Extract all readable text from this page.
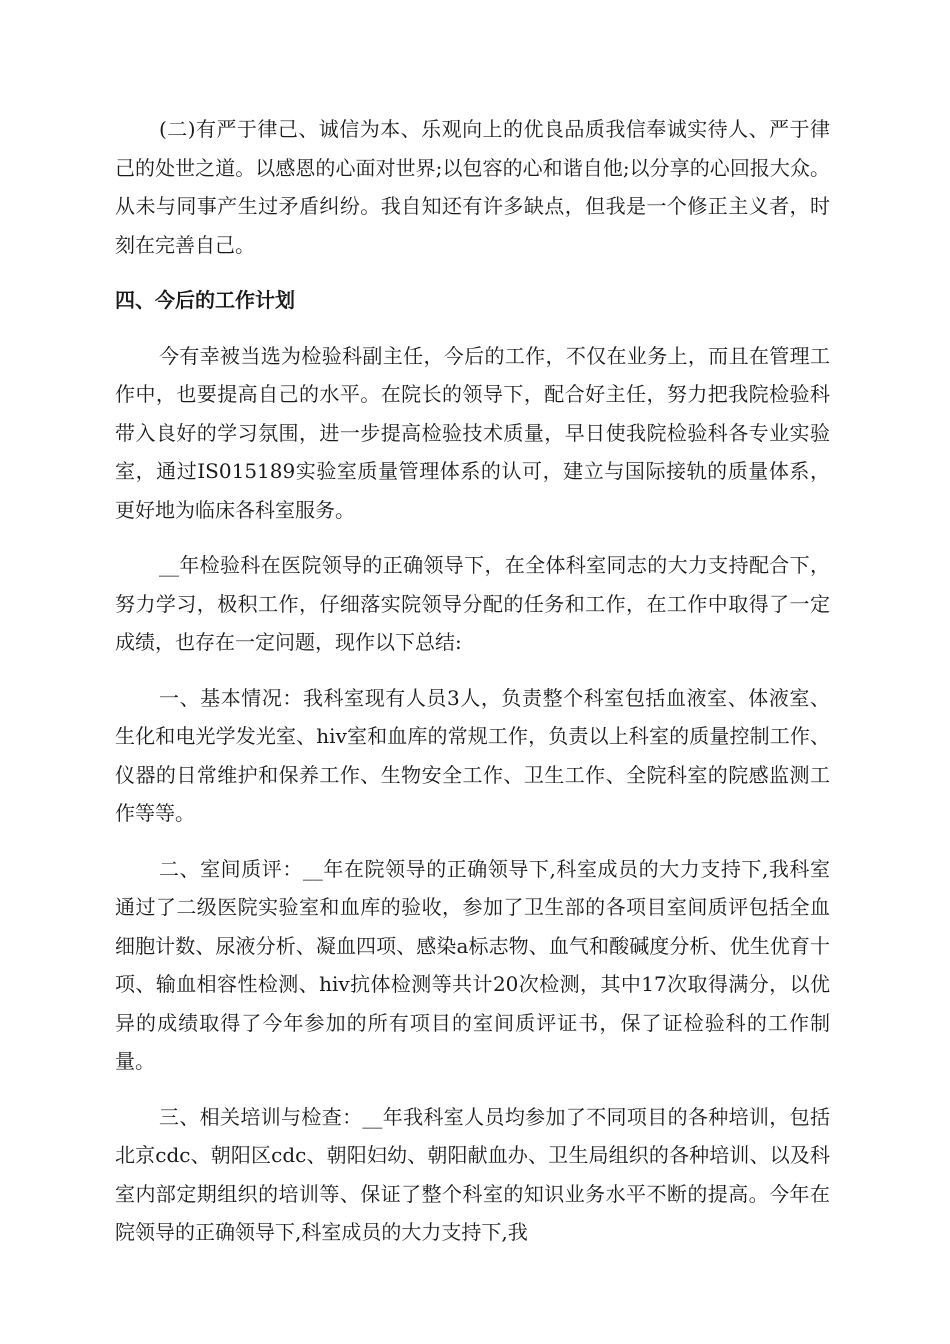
(二)有严于律己、诚信为本、乐观向上的优良品质我信奉诚实待人、严于律己的处世之道。以感恩的心面对世界;以包容的心和谐自他;以分享的心回报大众。从未与同事产生过矛盾纠纷。我自知还有许多缺点，但我是一个修正主义者，时刻在完善自己。

四、今后的工作计划

今有幸被当选为检验科副主任，今后的工作，不仅在业务上，而且在管理工作中，也要提高自己的水平。在院长的领导下，配合好主任，努力把我院检验科带入良好的学习氛围，进一步提高检验技术质量，早日使我院检验科各专业实验室，通过IS015189实验室质量管理体系的认可，建立与国际接轨的质量体系，更好地为临床各科室服务。

__年检验科在医院领导的正确领导下，在全体科室同志的大力支持配合下，努力学习，极积工作，仔细落实院领导分配的任务和工作，在工作中取得了一定成绩，也存在一定问题，现作以下总结:

一、基本情况：我科室现有人员3人，负责整个科室包括血液室、体液室、生化和电光学发光室、hiv室和血库的常规工作，负责以上科室的质量控制工作、仪器的日常维护和保养工作、生物安全工作、卫生工作、全院科室的院感监测工作等等。

二、室间质评：__年在院领导的正确领导下,科室成员的大力支持下,我科室通过了二级医院实验室和血库的验收，参加了卫生部的各项目室间质评包括全血细胞计数、尿液分析、凝血四项、感染a标志物、血气和酸碱度分析、优生优育十项、输血相容性检测、hiv抗体检测等共计20次检测，其中17次取得满分，以优异的成绩取得了今年参加的所有项目的室间质评证书，保了证检验科的工作制量。

三、相关培训与检查：__年我科室人员均参加了不同项目的各种培训，包括北京cdc、朝阳区cdc、朝阳妇幼、朝阳献血办、卫生局组织的各种培训、以及科室内部定期组织的培训等、保证了整个科室的知识业务水平不断的提高。今年在院领导的正确领导下,科室成员的大力支持下,我
